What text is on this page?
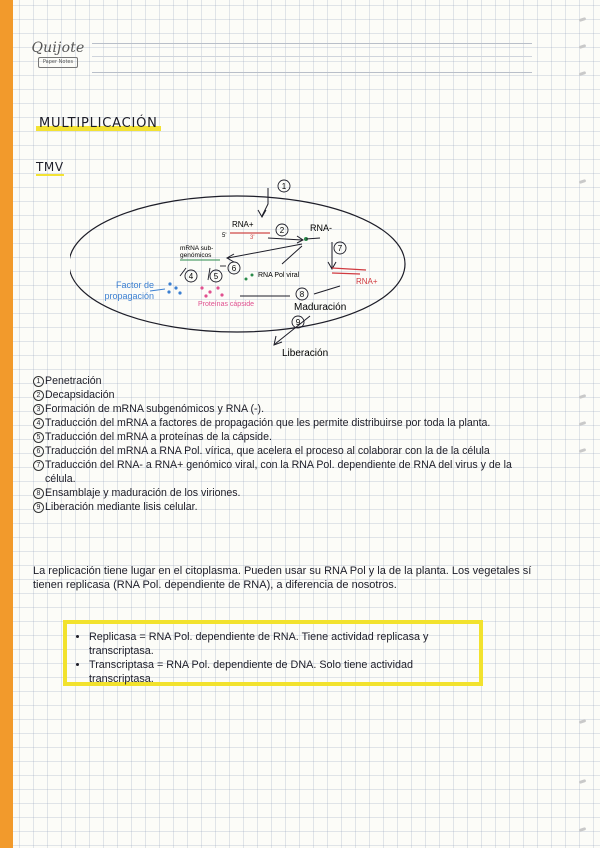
Quijote
Paper Notes
MULTIPLICACIÓN
TMV
1
RNA+
5'	3'
2	RNA-
7
RNA+
mRNA sub-
genómicos
RNA Pol viral
4	5
6
Proteínas cápside
8
Maduración
9
Liberación
Factor de propagación
1 Penetración
2 Decapsidación
3 Formación de mRNA subgenómicos y RNA (-).
4 Traducción del mRNA a factores de propagación que les permite distribuirse por toda la planta.
5 Traducción del mRNA a proteínas de la cápside.
6 Traducción del mRNA a RNA Pol. vírica, que acelera el proceso al colaborar con la de la célula
7 Traducción del RNA- a RNA+ genómico viral, con la RNA Pol. dependiente de RNA del virus y de la célula.
8 Ensamblaje y maduración de los viriones.
9 Liberación mediante lisis celular.
La replicación tiene lugar en el citoplasma. Pueden usar su RNA Pol y la de la planta. Los vegetales sí tienen replicasa (RNA Pol. dependiente de RNA), a diferencia de nosotros.
• Replicasa = RNA Pol. dependiente de RNA. Tiene actividad replicasa y transcriptasa.
• Transcriptasa = RNA Pol. dependiente de DNA. Solo tiene actividad transcriptasa.
